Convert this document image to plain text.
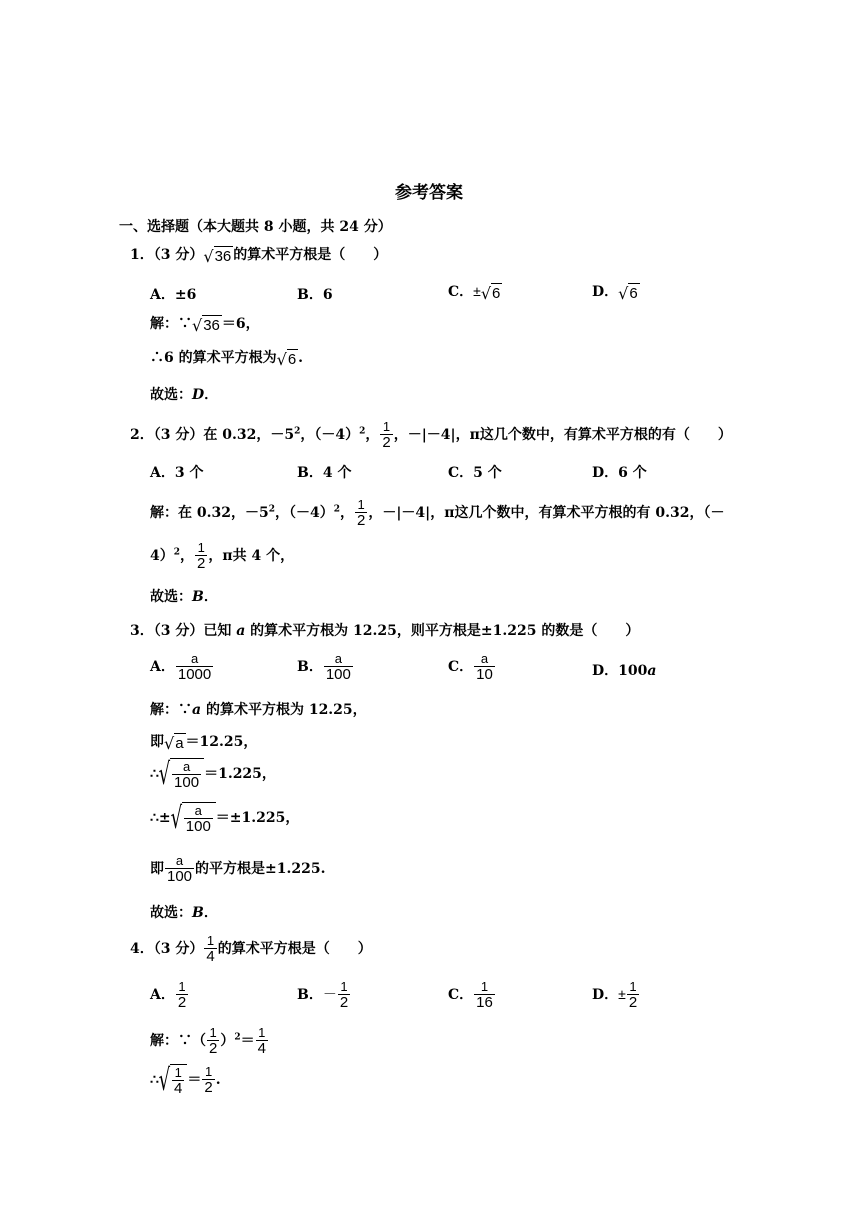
参考答案
一、选择题（本大题共 8 小题，共 24 分）
1．（3 分） √ 36 的算术平方根是（　　）
A．±6	B．6	C．± √ 6	D． √ 6
解：∵ √ 36 ＝6，
∴6 的算术平方根为 √ 6 .
故选：D．
2．（3 分）在 0.32，$-5^2$，$(-4)^2$， $\frac{1}{2}$ ，－|－4|，π这几个数中，有算术平方根的有（　　）
A．3 个	B．4 个	C．5 个	D．6 个
解：在 0.32，$-5^2$，$(-4)^2$， $\frac{1}{2}$ ，－|－4|，π这几个数中，有算术平方根的有 0.32，（－
4）$^2$， $\frac{1}{2}$ ，π共 4 个，
故选：B．
3．（3 分）已知 a 的算术平方根为 12.25，则平方根是±1.225 的数是（　　）
A． $\frac{a}{1000}$	B． $\frac{a}{100}$	C． $\frac{a}{10}$	D．100a
解：∵a 的算术平方根为 12.25，
即 √ a ＝12.25，
∴ √ $\frac{a}{100} =1.225$，
∴± √ $\frac{a}{100} =\pm 1.225$，
即 $\frac{a}{100}$ 的平方根是±1.225.
故选：B．
4．（3 分） $\frac{1}{4}$ 的算术平方根是（　　）
A． $\frac{1}{2}$	B．－ $\frac{1}{2}$	C． $\frac{1}{16}$	D．± $\frac{1}{2}$
解：∵（ $\frac{1}{2} )^2= \frac{1}{4}$
∴ √ $\frac{1}{4} = \frac{1}{2}$ .
